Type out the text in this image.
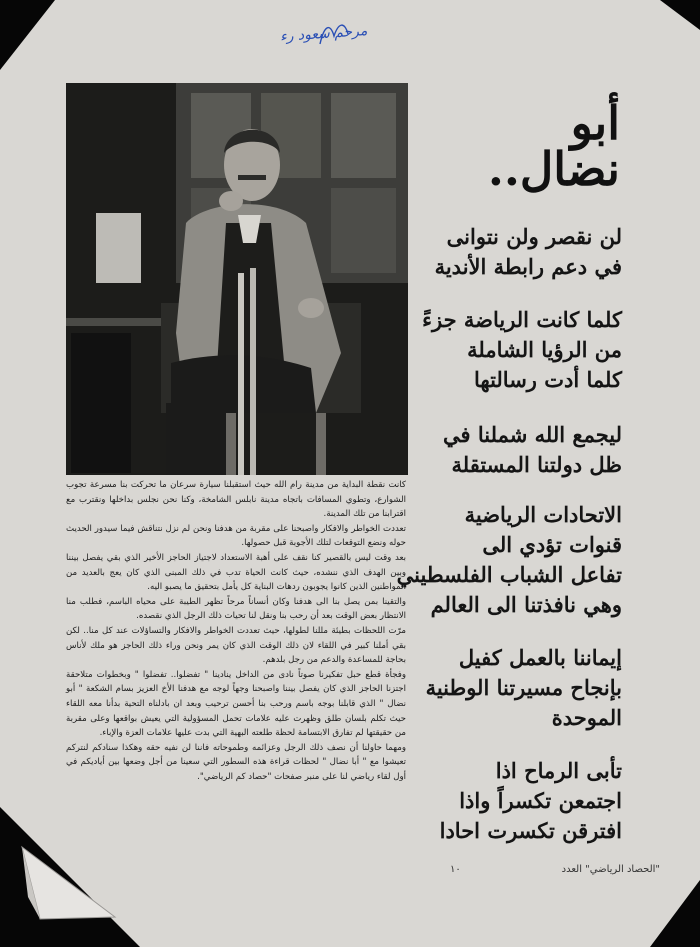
مرحم سعود رء

كانت نقطة البداية من مدينة رام الله حيث استقبلنا سيارة سرعان ما تحركت بنا مسرعة تجوب الشوارع، وتطوي المسافات باتجاه مدينة نابلس الشامخة، وكنا نحن نجلس بداخلها ونقترب مع اقترابنا من تلك المدينة.

تعددت الخواطر والافكار واصبحنا على مقربة من هدفنا ونحن لم نزل نتناقش فيما سيدور الحديث حوله ونضع التوقعات لتلك الأجوبة قبل حصولها.

بعد وقت ليس بالقصير كنا نقف على أهبة الاستعداد لاجتياز الحاجز الأخير الذي بقي يفصل بيننا وبين الهدف الذي ننشده، حيث كانت الحياة تدب في ذلك المبنى الذي كان يعج بالعديد من المواطنين الذين كانوا يجوبون ردهات البناية كل يأمل بتحقيق ما يصبو اليه.

والتقينا بمن يصل بنا الى هدفنا وكان أنساناً مرحاً تظهر الطيبة على محياه الباسم، فطلب منا الانتظار بعض الوقت بعد أن رحب بنا ونقل لنا تحيات ذلك الرجل الذي نقصده.

مرّت اللحظات بطيئة مللنا لطولها، حيث تعددت الخواطر والافكار والتساؤلات عند كل منا.. لكن بقي أملنا كبير في اللقاء لان ذلك الوقت الذي كان يمر ونحن وراء ذلك الحاجز هو ملك لأناس بحاجة للمساعدة والدعم من رجل بلدهم.

وفجأة قطع حبل تفكيرنا صوتاً نادى من الداخل ينادينا " تفضلوا.. تفضلوا " وبخطوات متلاحقة اجتزنا الحاجز الذي كان يفصل بيننا واصبحنا وجهاً لوجه مع هدفنا الأخ العزيز بسام الشكعة " أبو نضال " الذي قابلنا بوجه باسم ورحب بنا أحسن ترحيب وبعد ان بادلناه التحية بدأنا معه اللقاء حيث تكلم بلسان طلق وظهرت عليه علامات تحمل المسؤولية التي يعيش بواقعها وعلى مقربة من حقيقتها لم تفارق الابتسامة لحظة طلعته البهية التي بدت عليها علامات العزة والإباء.

ومهما حاولنا أن نصف ذلك الرجل وعزائمه وطموحاته فاننا لن نفيه حقه وهكذا سنادكم لنتركم تعيشوا مع " أبا نضال " لحظات قراءة هذه السطور التي سعينا من أجل وضعها بين أياديكم في أول لقاء رياضي لنا على منبر صفحات "حصاد كم الرياضي".

أبو
نضال..
لن نقصر ولن نتوانى
في دعم رابطة الأندية
كلما كانت الرياضة جزءً
من الرؤيا الشاملة
كلما أدت رسالتها
ليجمع الله شملنا في
ظل دولتنا المستقلة
الاتحادات الرياضية
قنوات تؤدي الى
تفاعل الشباب الفلسطيني
وهي نافذتنا الى العالم
إيماننا بالعمل كفيل
بإنجاح مسيرتنا الوطنية
الموحدة
تأبى الرماح اذا
اجتمعن تكسراً واذا
افترقن تكسرت احادا
"الحصاد الرياضي" العدد
١٠
